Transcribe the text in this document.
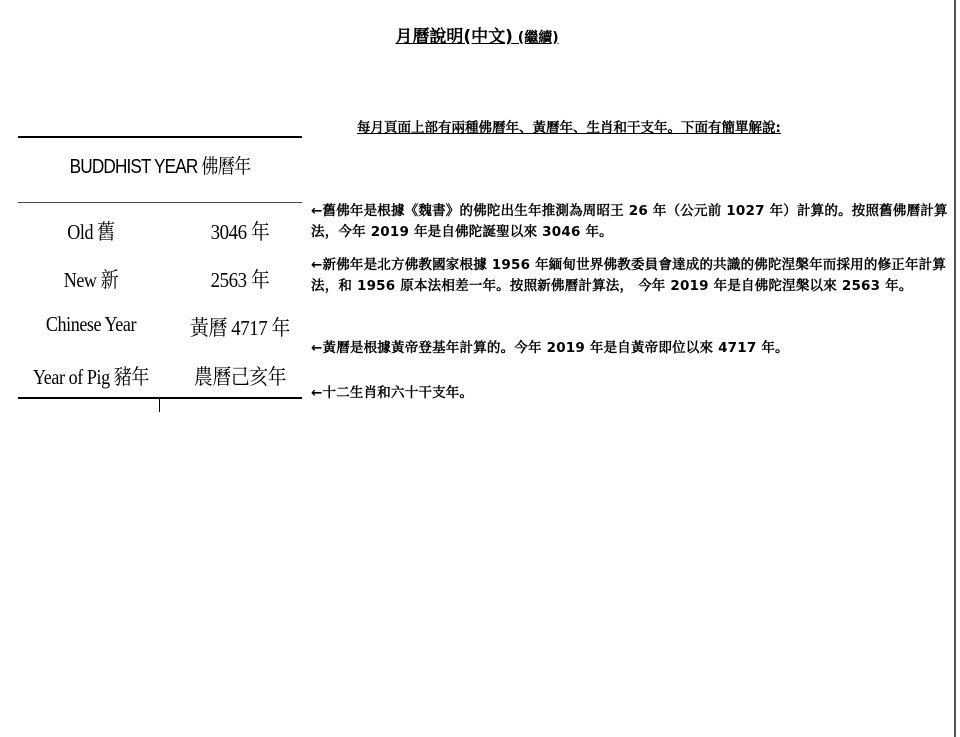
月曆說明(中文) (繼續)
每月頁面上部有兩種佛曆年、黃曆年、生肖和干支年。下面有簡單解說:
BUDDHIST YEAR 佛曆年
Old 舊	3046 年
New 新	2563 年
Chinese Year	黃曆 4717 年
Year of Pig 豬年	農曆己亥年
←舊佛年是根據《魏書》的佛陀出生年推測為周昭王 26 年（公元前 1027 年）計算的。按照舊佛曆計算法，今年 2019 年是自佛陀誕聖以來 3046 年。
←新佛年是北方佛教國家根據 1956 年緬甸世界佛教委員會達成的共識的佛陀涅槃年而採用的修正年計算法，和 1956 原本法相差一年。按照新佛曆計算法， 今年 2019 年是自佛陀涅槃以來 2563 年。
←黃曆是根據黃帝登基年計算的。今年 2019 年是自黃帝即位以來 4717 年。
←十二生肖和六十干支年。
